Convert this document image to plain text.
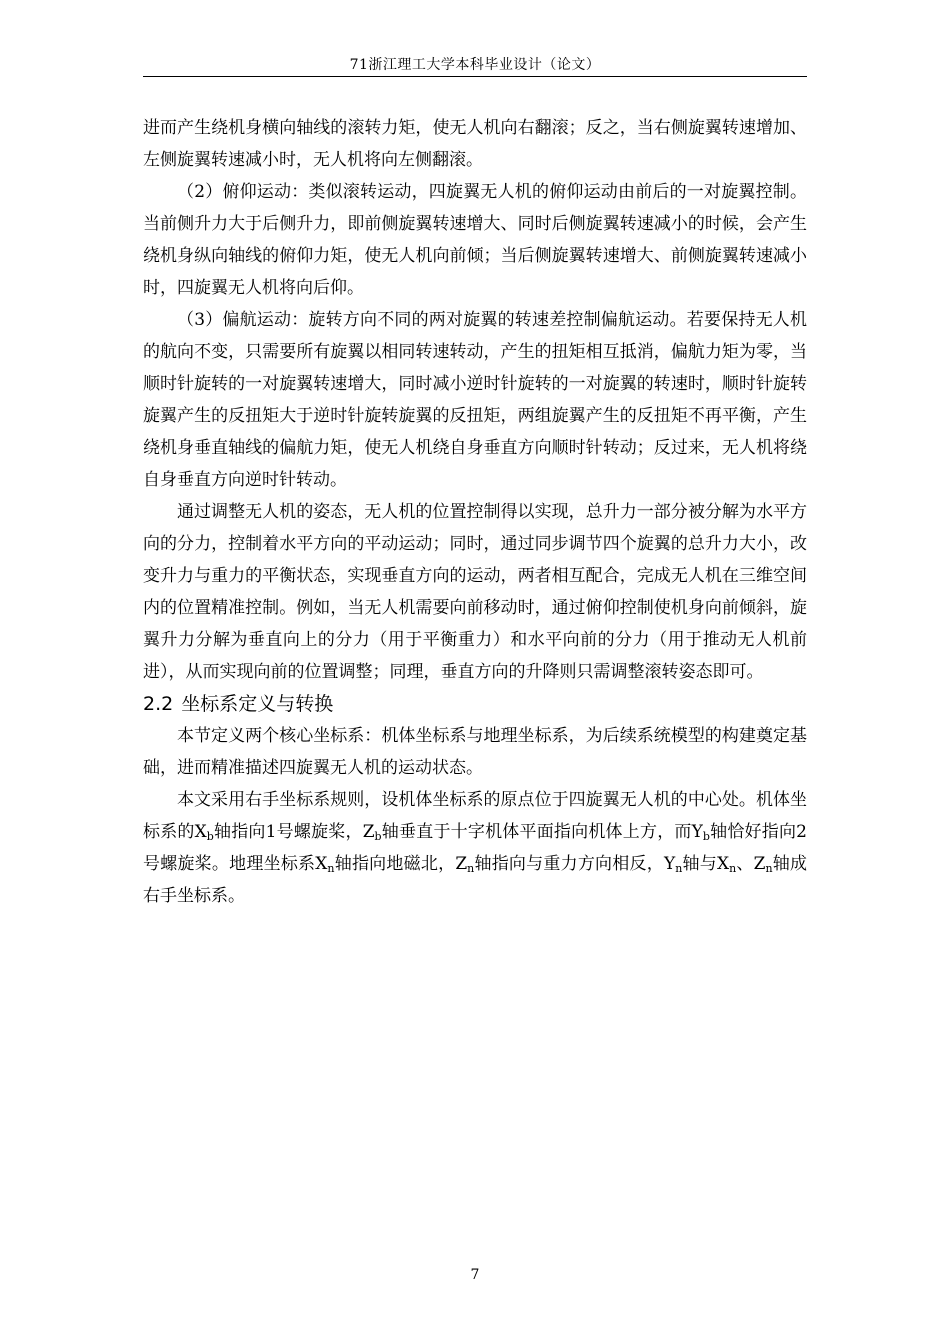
71浙江理工大学本科毕业设计（论文）

进而产生绕机身横向轴线的滚转力矩，使无人机向右翻滚；反之，当右侧旋翼转速增加、左侧旋翼转速减小时，无人机将向左侧翻滚。

（2）俯仰运动：类似滚转运动，四旋翼无人机的俯仰运动由前后的一对旋翼控制。当前侧升力大于后侧升力，即前侧旋翼转速增大、同时后侧旋翼转速减小的时候，会产生绕机身纵向轴线的俯仰力矩，使无人机向前倾；当后侧旋翼转速增大、前侧旋翼转速减小时，四旋翼无人机将向后仰。

（3）偏航运动：旋转方向不同的两对旋翼的转速差控制偏航运动。若要保持无人机的航向不变，只需要所有旋翼以相同转速转动，产生的扭矩相互抵消，偏航力矩为零，当顺时针旋转的一对旋翼转速增大，同时减小逆时针旋转的一对旋翼的转速时，顺时针旋转旋翼产生的反扭矩大于逆时针旋转旋翼的反扭矩，两组旋翼产生的反扭矩不再平衡，产生绕机身垂直轴线的偏航力矩，使无人机绕自身垂直方向顺时针转动；反过来，无人机将绕自身垂直方向逆时针转动。

通过调整无人机的姿态，无人机的位置控制得以实现，总升力一部分被分解为水平方向的分力，控制着水平方向的平动运动；同时，通过同步调节四个旋翼的总升力大小，改变升力与重力的平衡状态，实现垂直方向的运动，两者相互配合，完成无人机在三维空间内的位置精准控制。例如，当无人机需要向前移动时，通过俯仰控制使机身向前倾斜，旋翼升力分解为垂直向上的分力（用于平衡重力）和水平向前的分力（用于推动无人机前进），从而实现向前的位置调整；同理，垂直方向的升降则只需调整滚转姿态即可。

2.2 坐标系定义与转换

本节定义两个核心坐标系：机体坐标系与地理坐标系，为后续系统模型的构建奠定基础，进而精准描述四旋翼无人机的运动状态。

本文采用右手坐标系规则，设机体坐标系的原点位于四旋翼无人机的中心处。机体坐标系的$X_b$轴指向1号螺旋桨，$Z_b$轴垂直于十字机体平面指向机体上方，而$Y_b$轴恰好指向2号螺旋桨。地理坐标系$X_n$轴指向地磁北，$Z_n$轴指向与重力方向相反，$Y_n$轴与$X_n$、$Z_n$轴成右手坐标系。

7
